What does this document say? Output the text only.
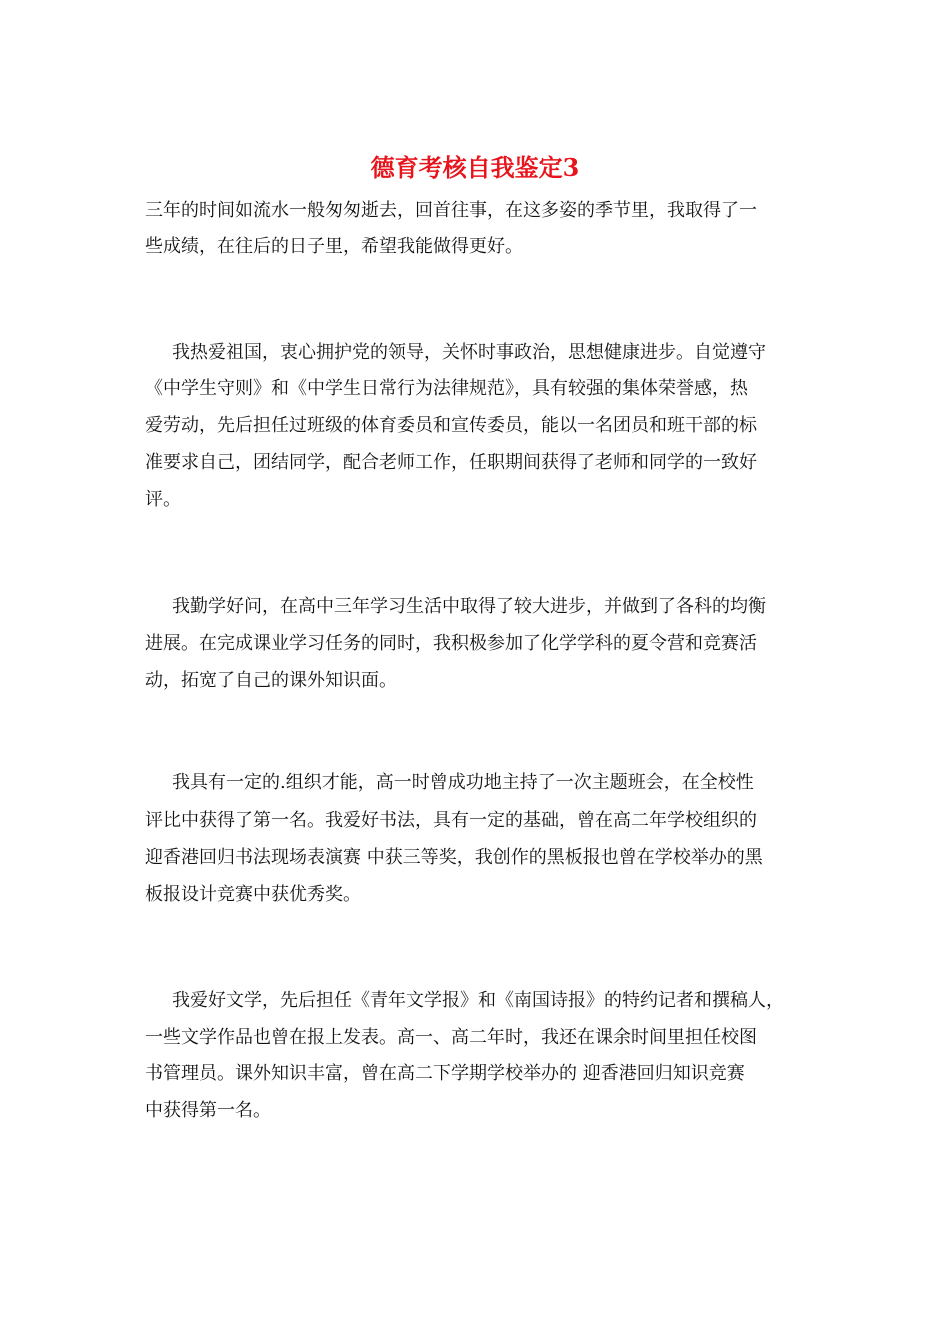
德育考核自我鉴定3

三年的时间如流水一般匆匆逝去，回首往事，在这多姿的季节里，我取得了一

些成绩，在往后的日子里，希望我能做得更好。

我热爱祖国，衷心拥护党的领导，关怀时事政治，思想健康进步。自觉遵守

《中学生守则》和《中学生日常行为法律规范》，具有较强的集体荣誉感，热

爱劳动，先后担任过班级的体育委员和宣传委员，能以一名团员和班干部的标

准要求自己，团结同学，配合老师工作，任职期间获得了老师和同学的一致好

评。

我勤学好问，在高中三年学习生活中取得了较大进步，并做到了各科的均衡

进展。在完成课业学习任务的同时，我积极参加了化学学科的夏令营和竞赛活

动，拓宽了自己的课外知识面。

我具有一定的.组织才能，高一时曾成功地主持了一次主题班会，在全校性

评比中获得了第一名。我爱好书法，具有一定的基础，曾在高二年学校组织的

迎香港回归书法现场表演赛 中获三等奖，我创作的黑板报也曾在学校举办的黑

板报设计竞赛中获优秀奖。

我爱好文学，先后担任《青年文学报》和《南国诗报》的特约记者和撰稿人，

一些文学作品也曾在报上发表。高一、高二年时，我还在课余时间里担任校图

书管理员。课外知识丰富，曾在高二下学期学校举办的 迎香港回归知识竞赛

中获得第一名。
